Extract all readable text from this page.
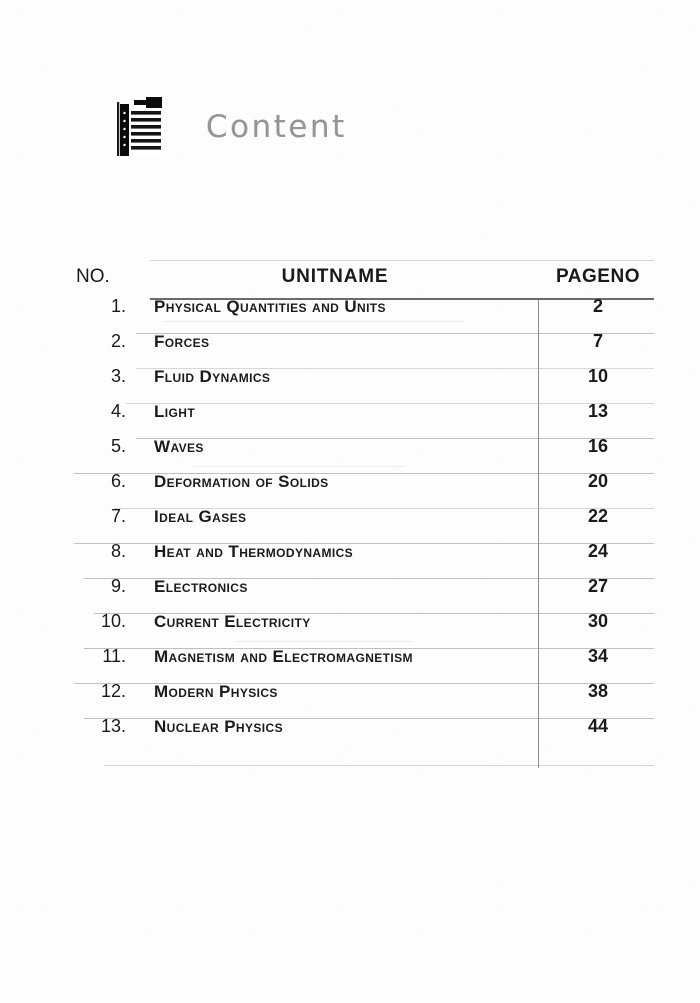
Content
NO.	UNITNAME	PAGENO
1.	Physical Quantities and Units	2
2.	Forces	7
3.	Fluid Dynamics	10
4.	Light	13
5.	Waves	16
6.	Deformation of Solids	20
7.	Ideal Gases	22
8.	Heat and Thermodynamics	24
9.	Electronics	27
10.	Current Electricity	30
11.	Magnetism and Electromagnetism	34
12.	Modern Physics	38
13.	Nuclear Physics	44
